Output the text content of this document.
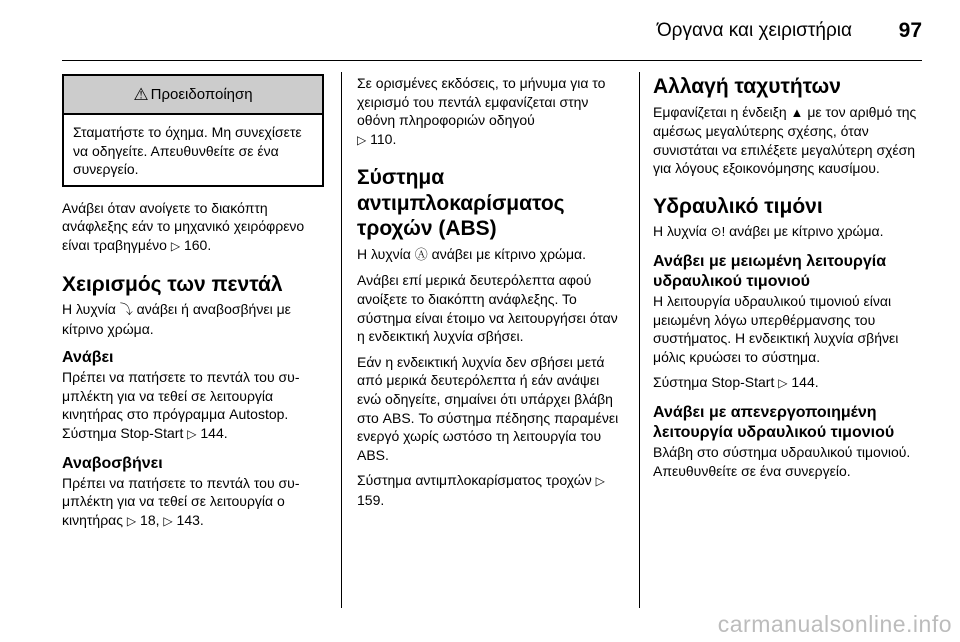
Όργανα και χειριστήρια 97
⚠ Προειδοποίηση

Σταματήστε το όχημα. Μη συνεχίσετε να οδηγείτε. Απευθυνθείτε σε ένα συνεργείο.

Ανάβει όταν ανοίγετε το διακόπτη ανάφλεξης εάν το μηχανικό χειρόφρενο είναι τραβηγμένο ▷ 160.

Χειρισμός των πεντάλ

Η λυχνία ⤵ ανάβει ή αναβοσβήνει με κίτρινο χρώμα.

Ανάβει

Πρέπει να πατήσετε το πεντάλ του συμπλέκτη για να τεθεί σε λειτουργία κινητήρας στο πρόγραμμα Autostop. Σύστημα Stop-Start ▷ 144.

Αναβοσβήνει

Πρέπει να πατήσετε το πεντάλ του συμπλέκτη για να τεθεί σε λειτουργία ο κινητήρας ▷ 18, ▷ 143.

Σε ορισμένες εκδόσεις, το μήνυμα για το χειρισμό του πεντάλ εμφανίζεται στην οθόνη πληροφοριών οδηγού
▷ 110.

Σύστημα αντιμπλοκαρίσματος τροχών (ABS)

Η λυχνία Ⓐ ανάβει με κίτρινο χρώμα.

Ανάβει επί μερικά δευτερόλεπτα αφού ανοίξετε το διακόπτη ανάφλεξης. Το σύστημα είναι έτοιμο να λειτουργήσει όταν η ενδεικτική λυχνία σβήσει.

Εάν η ενδεικτική λυχνία δεν σβήσει μετά από μερικά δευτερόλεπτα ή εάν ανάψει ενώ οδηγείτε, σημαίνει ότι υπάρχει βλάβη στο ABS. Το σύστημα πέδησης παραμένει ενεργό χωρίς ωστόσο τη λειτουργία του ABS.

Σύστημα αντιμπλοκαρίσματος τροχών ▷ 159.

Αλλαγή ταχυτήτων

Εμφανίζεται η ένδειξη ▲ με τον αριθμό της αμέσως μεγαλύτερης σχέσης, όταν συνιστάται να επιλέξετε μεγαλύτερη σχέση για λόγους εξοικονόμησης καυσίμου.

Υδραυλικό τιμόνι

Η λυχνία ⊙! ανάβει με κίτρινο χρώμα.

Ανάβει με μειωμένη λειτουργία υδραυλικού τιμονιού

Η λειτουργία υδραυλικού τιμονιού είναι μειωμένη λόγω υπερθέρμανσης του συστήματος. Η ενδεικτική λυχνία σβήνει μόλις κρυώσει το σύστημα.

Σύστημα Stop-Start ▷ 144.

Ανάβει με απενεργοποιημένη λειτουργία υδραυλικού τιμονιού

Βλάβη στο σύστημα υδραυλικού τιμονιού. Απευθυνθείτε σε ένα συνεργείο.

carmanualsonline.info
